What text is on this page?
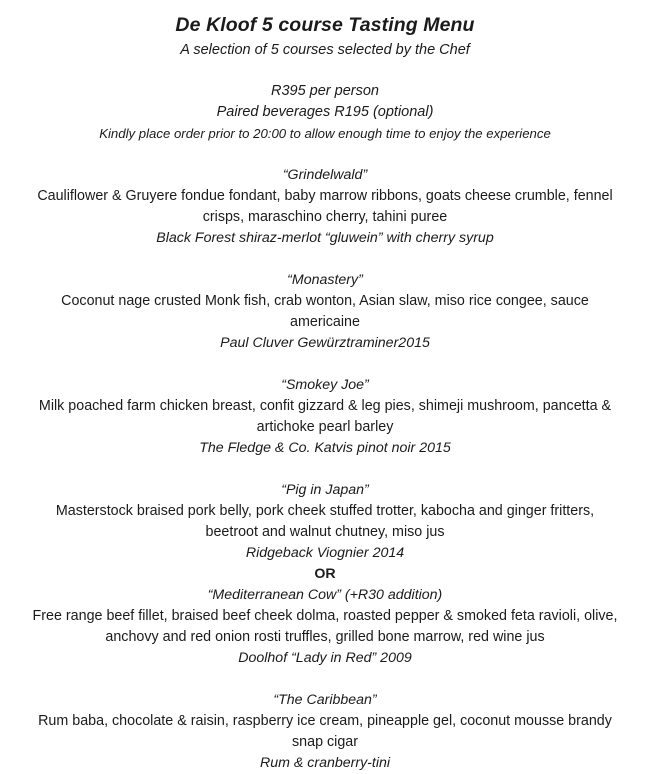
De Kloof 5 course Tasting Menu
A selection of 5 courses selected by the Chef
R395 per person
Paired beverages R195 (optional)
Kindly place order prior to 20:00 to allow enough time to enjoy the experience
“Grindelwald”
Cauliflower & Gruyere fondue fondant, baby marrow ribbons, goats cheese crumble, fennel crisps, maraschino cherry, tahini puree
Black Forest shiraz-merlot “gluwein” with cherry syrup
“Monastery”
Coconut nage crusted Monk fish, crab wonton, Asian slaw, miso rice congee, sauce americaine
Paul Cluver Gewürztraminer2015
“Smokey Joe”
Milk poached farm chicken breast, confit gizzard & leg pies, shimeji mushroom, pancetta & artichoke pearl barley
The Fledge & Co. Katvis pinot noir 2015
“Pig in Japan”
Masterstock braised pork belly, pork cheek stuffed trotter, kabocha and ginger fritters, beetroot and walnut chutney, miso jus
Ridgeback Viognier 2014
OR
“Mediterranean Cow” (+R30 addition)
Free range beef fillet, braised beef cheek dolma, roasted pepper & smoked feta ravioli, olive, anchovy and red onion rosti truffles, grilled bone marrow, red wine jus
Doolhof “Lady in Red” 2009
“The Caribbean”
Rum baba, chocolate & raisin, raspberry ice cream, pineapple gel, coconut mousse brandy snap cigar
Rum & cranberry-tini
